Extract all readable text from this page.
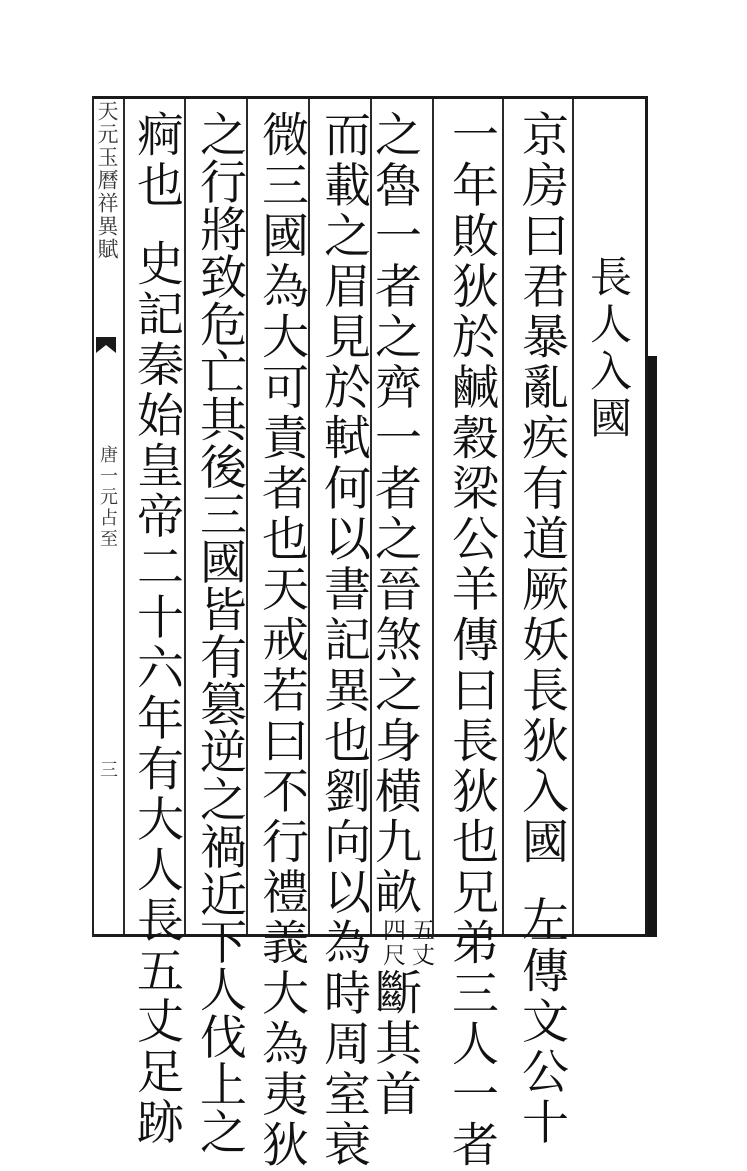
長人入國
京房曰君暴亂疾有道厥妖長狄入國左傳文公十
一年敗狄於鹹穀梁公羊傳曰長狄也兄弟三人一者
之魯一者之齊一者之晉煞之身横九畝五丈四尺斷其首
而載之眉見於軾何以書記異也劉向以為時周室衰
微三國為大可責者也天戒若曰不行禮義大為夷狄
之行將致危亡其後三國皆有篡逆之禍近下人伐上之
痾也史記秦始皇帝二十六年有大人長五丈足跡
天元玉曆祥異賦
唐一元占至
三
